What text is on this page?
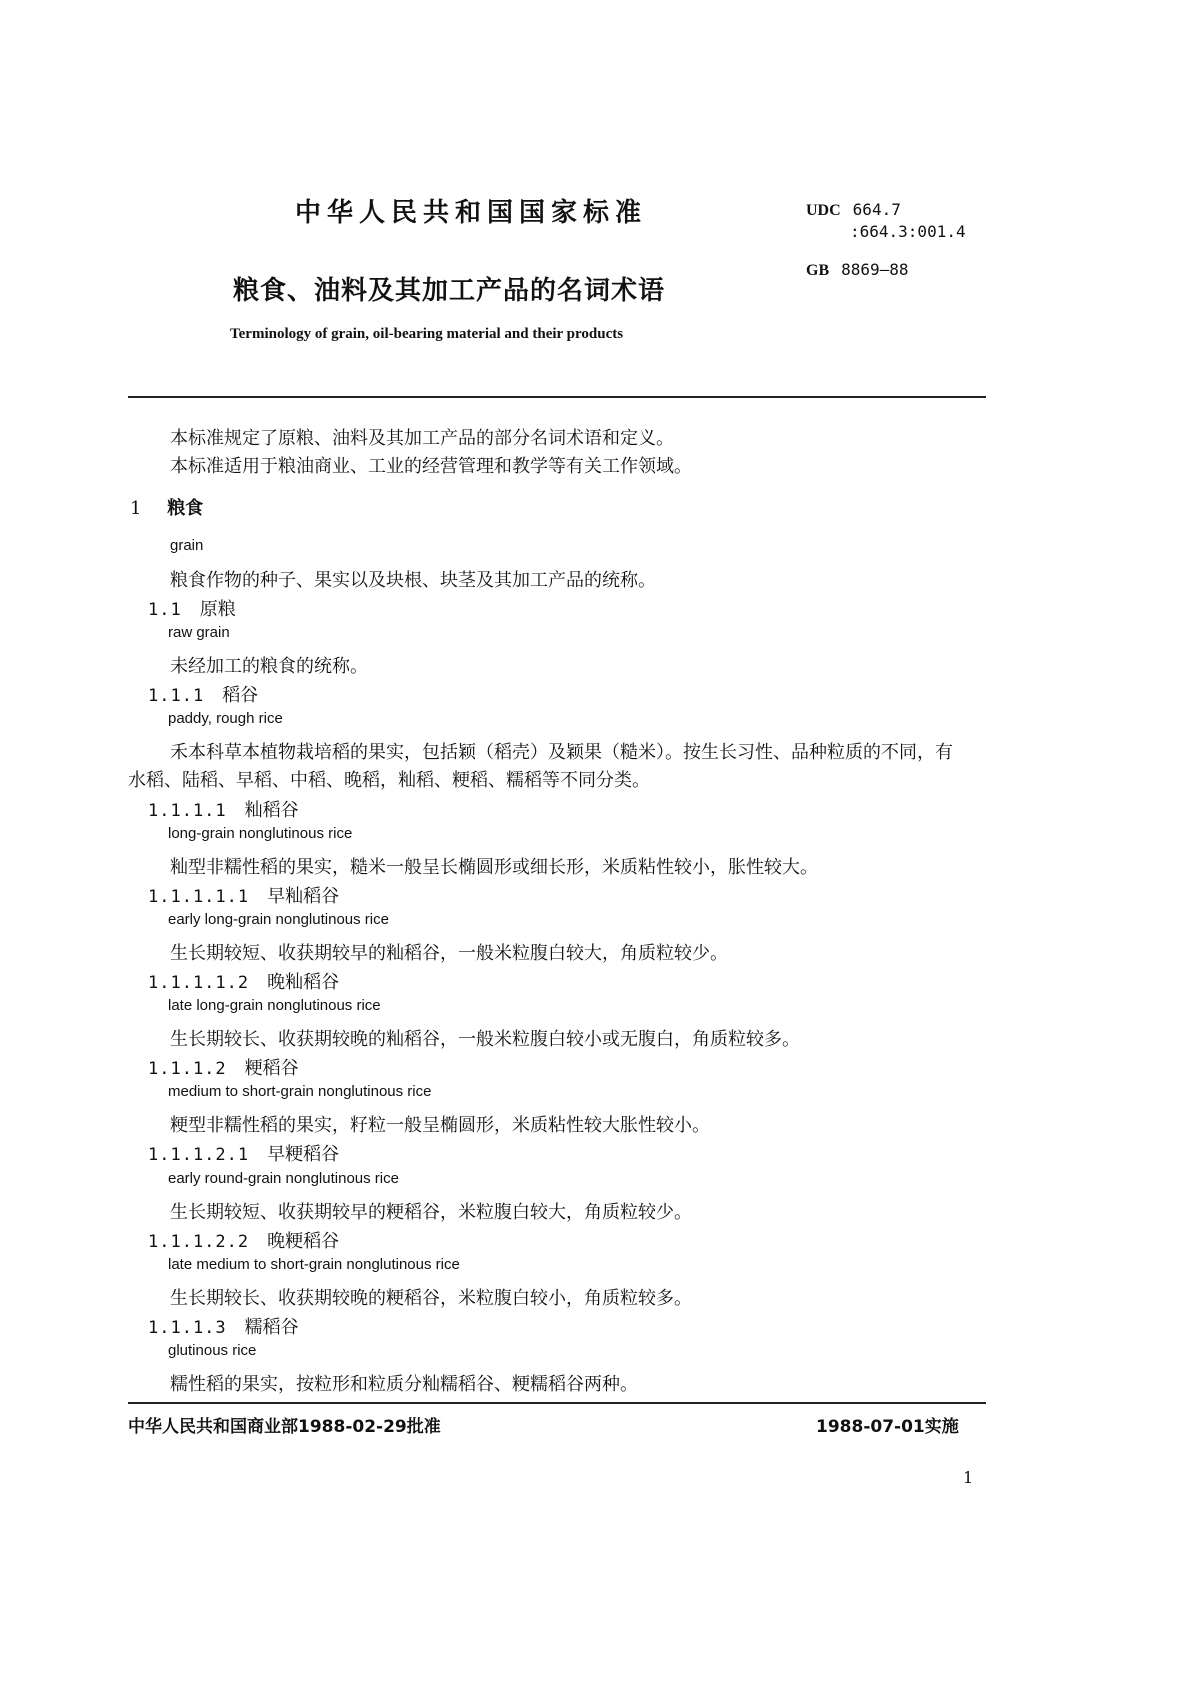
中华人民共和国国家标准	UDC 664.7
:664.3:001.4
GB 8869—88
粮食、油料及其加工产品的名词术语
Terminology of grain, oil-bearing material and their products
本标准规定了原粮、油料及其加工产品的部分名词术语和定义。
本标准适用于粮油商业、工业的经营管理和教学等有关工作领域。
1 粮食
grain
粮食作物的种子、果实以及块根、块茎及其加工产品的统称。
1.1 原粮
raw grain
未经加工的粮食的统称。
1.1.1 稻谷
paddy, rough rice
禾本科草本植物栽培稻的果实，包括颖（稻壳）及颖果（糙米）。按生长习性、品种粒质的不同，有
水稻、陆稻、早稻、中稻、晚稻，籼稻、粳稻、糯稻等不同分类。
1.1.1.1 籼稻谷
long-grain nonglutinous rice
籼型非糯性稻的果实，糙米一般呈长椭圆形或细长形，米质粘性较小，胀性较大。
1.1.1.1.1 早籼稻谷
early long-grain nonglutinous rice
生长期较短、收获期较早的籼稻谷，一般米粒腹白较大，角质粒较少。
1.1.1.1.2 晚籼稻谷
late long-grain nonglutinous rice
生长期较长、收获期较晚的籼稻谷，一般米粒腹白较小或无腹白，角质粒较多。
1.1.1.2 粳稻谷
medium to short-grain nonglutinous rice
粳型非糯性稻的果实，籽粒一般呈椭圆形，米质粘性较大胀性较小。
1.1.1.2.1 早粳稻谷
early round-grain nonglutinous rice
生长期较短、收获期较早的粳稻谷，米粒腹白较大，角质粒较少。
1.1.1.2.2 晚粳稻谷
late medium to short-grain nonglutinous rice
生长期较长、收获期较晚的粳稻谷，米粒腹白较小，角质粒较多。
1.1.1.3 糯稻谷
glutinous rice
糯性稻的果实，按粒形和粒质分籼糯稻谷、粳糯稻谷两种。
中华人民共和国商业部1988-02-29批准	1988-07-01实施
1
